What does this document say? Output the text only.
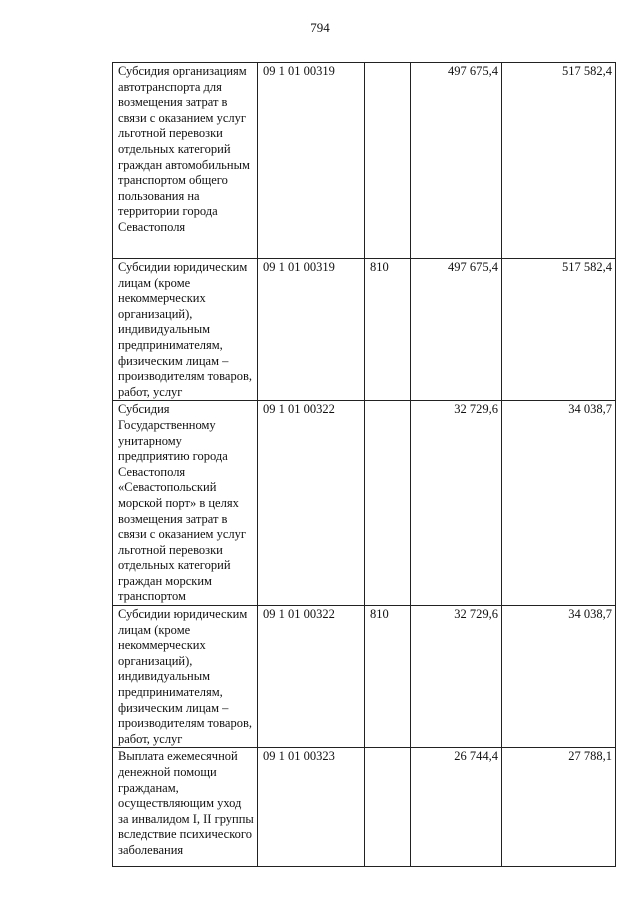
794
Субсидия организациям автотранспорта для возмещения затрат в связи с оказанием услуг льготной перевозки отдельных категорий граждан автомобильным транспортом общего пользования на территории города Севастополя	09 1 01 00319		497 675,4	517 582,4
Субсидии юридическим лицам (кроме некоммерческих организаций), индивидуальным предпринимателям, физическим лицам – производителям товаров, работ, услуг	09 1 01 00319	810	497 675,4	517 582,4
Субсидия Государственному унитарному предприятию города Севастополя «Севастопольский морской порт» в целях возмещения затрат в связи с оказанием услуг льготной перевозки отдельных категорий граждан морским транспортом	09 1 01 00322		32 729,6	34 038,7
Субсидии юридическим лицам (кроме некоммерческих организаций), индивидуальным предпринимателям, физическим лицам – производителям товаров, работ, услуг	09 1 01 00322	810	32 729,6	34 038,7
Выплата ежемесячной денежной помощи гражданам, осуществляющим уход за инвалидом I, II группы вследствие психического заболевания	09 1 01 00323		26 744,4	27 788,1
